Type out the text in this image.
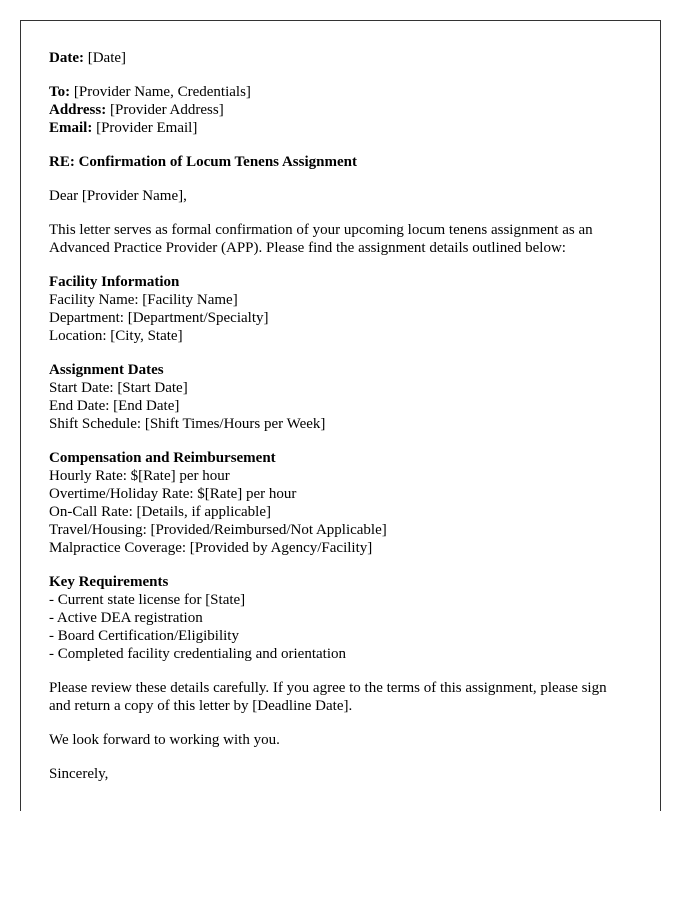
Date: [Date]

To: [Provider Name, Credentials]
Address: [Provider Address]
Email: [Provider Email]

RE: Confirmation of Locum Tenens Assignment

Dear [Provider Name],

This letter serves as formal confirmation of your upcoming locum tenens assignment as an Advanced Practice Provider (APP). Please find the assignment details outlined below:

Facility Information
Facility Name: [Facility Name]
Department: [Department/Specialty]
Location: [City, State]

Assignment Dates
Start Date: [Start Date]
End Date: [End Date]
Shift Schedule: [Shift Times/Hours per Week]

Compensation and Reimbursement
Hourly Rate: $[Rate] per hour
Overtime/Holiday Rate: $[Rate] per hour
On-Call Rate: [Details, if applicable]
Travel/Housing: [Provided/Reimbursed/Not Applicable]
Malpractice Coverage: [Provided by Agency/Facility]

Key Requirements
- Current state license for [State]
- Active DEA registration
- Board Certification/Eligibility
- Completed facility credentialing and orientation

Please review these details carefully. If you agree to the terms of this assignment, please sign and return a copy of this letter by [Deadline Date].

We look forward to working with you.

Sincerely,
